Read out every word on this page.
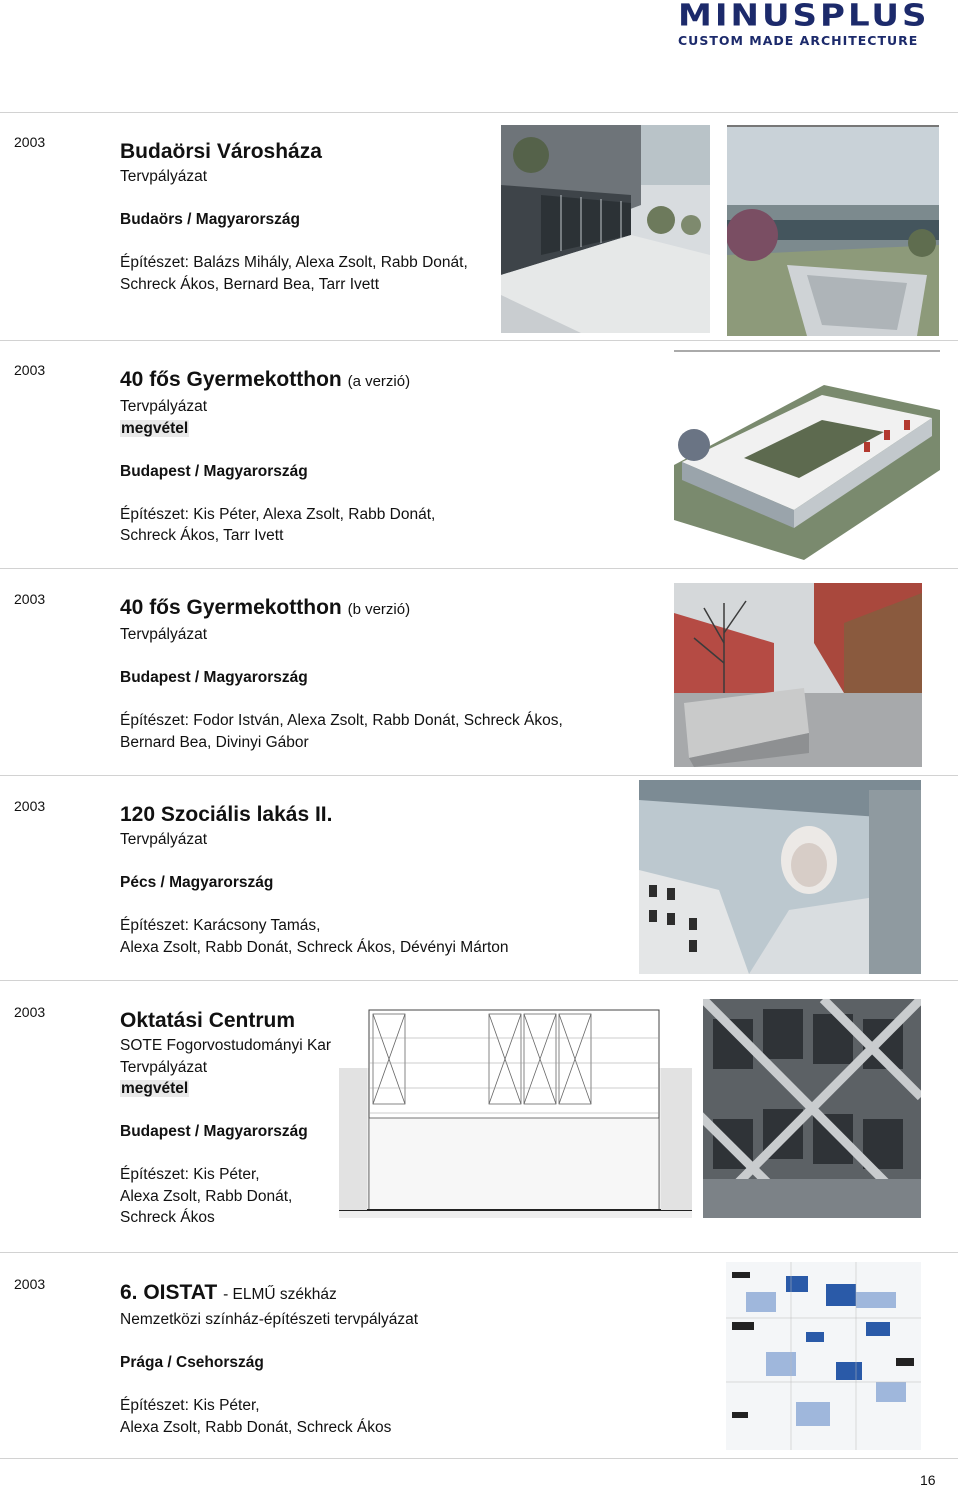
MINUSPLUS
CUSTOM MADE ARCHITECTURE
2003	Budaörsi Városháza
Tervpályázat
Budaörs / Magyarország
Építészet: Balázs Mihály, Alexa Zsolt, Rabb Donát,
Schreck Ákos, Bernard Bea, Tarr Ivett
2003	40 fős Gyermekotthon (a verzió)
Tervpályázat
megvétel
Budapest / Magyarország
Építészet: Kis Péter, Alexa Zsolt, Rabb Donát,
Schreck Ákos, Tarr Ivett
2003	40 fős Gyermekotthon (b verzió)
Tervpályázat
Budapest / Magyarország
Építészet: Fodor István, Alexa Zsolt, Rabb Donát, Schreck Ákos,
Bernard Bea, Divinyi Gábor
2003	120 Szociális lakás II.
Tervpályázat
Pécs / Magyarország
Építészet: Karácsony Tamás,
Alexa Zsolt, Rabb Donát, Schreck Ákos, Dévényi Márton
2003	Oktatási Centrum
SOTE Fogorvostudományi Kar
Tervpályázat
megvétel
Budapest / Magyarország
Építészet: Kis Péter,
Alexa Zsolt, Rabb Donát,
Schreck Ákos
2003	6. OISTAT - ELMŰ székház
Nemzetközi színház-építészeti tervpályázat
Prága / Csehország
Építészet: Kis Péter,
Alexa Zsolt, Rabb Donát, Schreck Ákos
16
